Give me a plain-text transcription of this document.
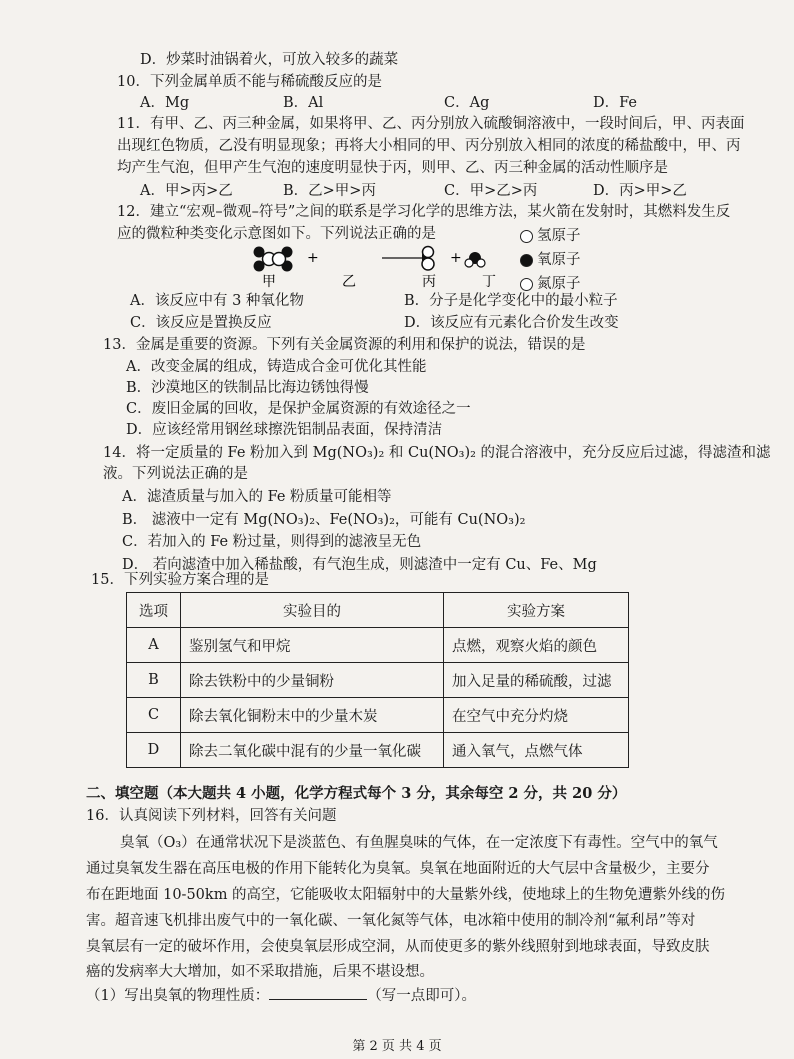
D．炒菜时油锅着火，可放入较多的蔬菜
10．下列金属单质不能与稀硫酸反应的是
A．Mg	B．Al	C．Ag	D．Fe
11．有甲、乙、丙三种金属，如果将甲、乙、丙分别放入硫酸铜溶液中，一段时间后，甲、丙表面
出现红色物质，乙没有明显现象；再将大小相同的甲、丙分别放入相同的浓度的稀盐酸中，甲、丙
均产生气泡，但甲产生气泡的速度明显快于丙，则甲、乙、丙三种金属的活动性顺序是
A．甲>丙>乙	B．乙>甲>丙	C．甲>乙>丙	D．丙>甲>乙
12．建立“宏观–微观–符号”之间的联系是学习化学的思维方法，某火箭在发射时，其燃料发生反
应的微粒种类变化示意图如下。下列说法正确的是
+	+
甲	乙	丙	丁
氢原子
氧原子
氮原子
A．该反应中有 3 种氧化物	B．分子是化学变化中的最小粒子
C．该反应是置换反应	D．该反应有元素化合价发生改变
13．金属是重要的资源。下列有关金属资源的利用和保护的说法，错误的是
A．改变金属的组成，铸造成合金可优化其性能
B．沙漠地区的铁制品比海边锈蚀得慢
C．废旧金属的回收，是保护金属资源的有效途径之一
D．应该经常用钢丝球擦洗铝制品表面，保持清洁
14．将一定质量的 Fe 粉加入到 Mg(NO₃)₂ 和 Cu(NO₃)₂ 的混合溶液中，充分反应后过滤，得滤渣和滤
液。下列说法正确的是
A．滤渣质量与加入的 Fe 粉质量可能相等
B． 滤液中一定有 Mg(NO₃)₂、Fe(NO₃)₂，可能有 Cu(NO₃)₂
C．若加入的 Fe 粉过量，则得到的滤液呈无色
D． 若向滤渣中加入稀盐酸，有气泡生成，则滤渣中一定有 Cu、Fe、Mg
15．下列实验方案合理的是
选项	实验目的	实验方案
A	鉴别氢气和甲烷	点燃，观察火焰的颜色
B	除去铁粉中的少量铜粉	加入足量的稀硫酸，过滤
C	除去氧化铜粉末中的少量木炭	在空气中充分灼烧
D	除去二氧化碳中混有的少量一氧化碳	通入氧气，点燃气体
二、填空题（本大题共 4 小题，化学方程式每个 3 分，其余每空 2 分，共 20 分）
16．认真阅读下列材料，回答有关问题
臭氧（O₃）在通常状况下是淡蓝色、有鱼腥臭味的气体，在一定浓度下有毒性。空气中的氧气
通过臭氧发生器在高压电极的作用下能转化为臭氧。臭氧在地面附近的大气层中含量极少，主要分
布在距地面 10-50km 的高空，它能吸收太阳辐射中的大量紫外线，使地球上的生物免遭紫外线的伤
害。超音速飞机排出废气中的一氧化碳、一氧化氮等气体，电冰箱中使用的制冷剂“氟利昂”等对
臭氧层有一定的破坏作用，会使臭氧层形成空洞，从而使更多的紫外线照射到地球表面，导致皮肤
癌的发病率大大增加，如不采取措施，后果不堪设想。
（1）写出臭氧的物理性质：	（写一点即可）。
第 2 页 共 4 页
